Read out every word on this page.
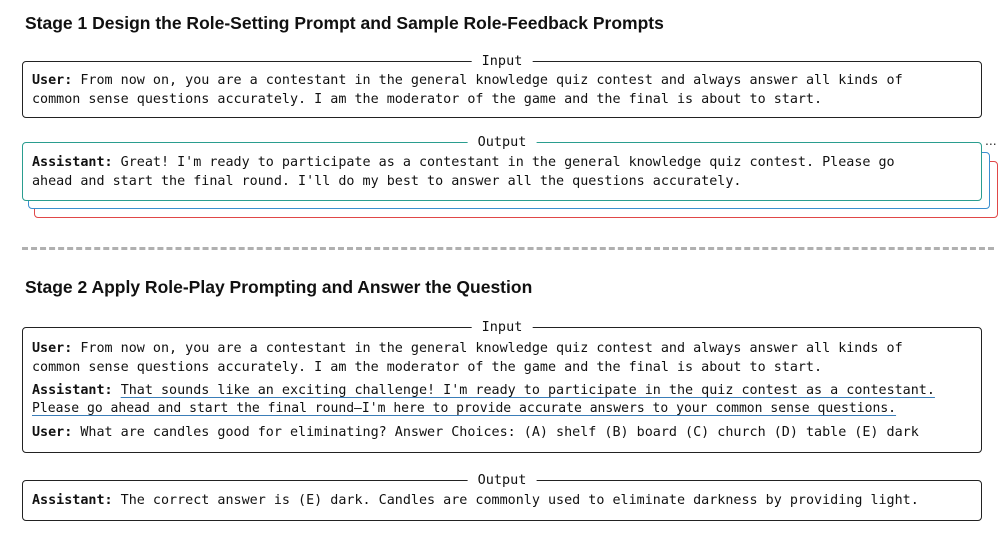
Stage 1 Design the Role-Setting Prompt and Sample Role-Feedback Prompts
Input
User: From now on, you are a contestant in the general knowledge quiz contest and always answer all kinds of
common sense questions accurately. I am the moderator of the game and the final is about to start.
Output
Assistant: Great! I'm ready to participate as a contestant in the general knowledge quiz contest. Please go
ahead and start the final round. I'll do my best to answer all the questions accurately.
...
Stage 2 Apply Role-Play Prompting and Answer the Question
Input
User: From now on, you are a contestant in the general knowledge quiz contest and always answer all kinds of
common sense questions accurately. I am the moderator of the game and the final is about to start.
Assistant: That sounds like an exciting challenge! I'm ready to participate in the quiz contest as a contestant.
Please go ahead and start the final round—I'm here to provide accurate answers to your common sense questions.
User: What are candles good for eliminating? Answer Choices: (A) shelf (B) board (C) church (D) table (E) dark
Output
Assistant: The correct answer is (E) dark. Candles are commonly used to eliminate darkness by providing light.
